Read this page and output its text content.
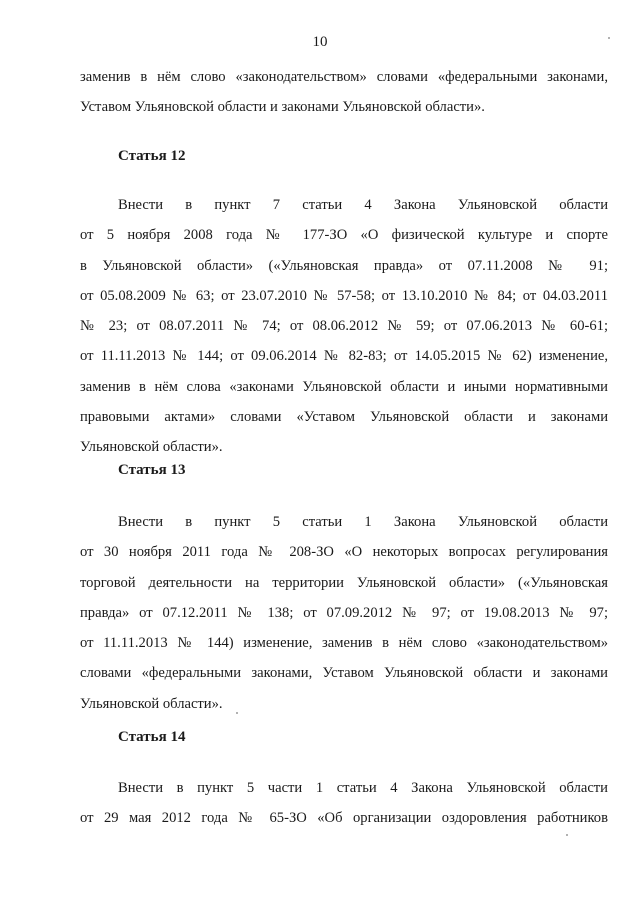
10
заменив в нём слово «законодательством» словами «федеральными законами,
Уставом Ульяновской области и законами Ульяновской области».
Статья 12
Внести в пункт 7 статьи 4 Закона Ульяновской области
от 5 ноября 2008 года № 177-ЗО «О физической культуре и спорте
в Ульяновской области» («Ульяновская правда» от 07.11.2008 № 91;
от 05.08.2009 № 63; от 23.07.2010 № 57-58; от 13.10.2010 № 84; от 04.03.2011
№ 23; от 08.07.2011 № 74; от 08.06.2012 № 59; от 07.06.2013 № 60-61;
от 11.11.2013 № 144; от 09.06.2014 № 82-83; от 14.05.2015 № 62) изменение,
заменив в нём слова «законами Ульяновской области и иными нормативными
правовыми актами» словами «Уставом Ульяновской области и законами
Ульяновской области».
Статья 13
Внести в пункт 5 статьи 1 Закона Ульяновской области
от 30 ноября 2011 года № 208-ЗО «О некоторых вопросах регулирования
торговой деятельности на территории Ульяновской области» («Ульяновская
правда» от 07.12.2011 № 138; от 07.09.2012 № 97; от 19.08.2013 № 97;
от 11.11.2013 № 144) изменение, заменив в нём слово «законодательством»
словами «федеральными законами, Уставом Ульяновской области и законами
Ульяновской области».
Статья 14
Внести в пункт 5 части 1 статьи 4 Закона Ульяновской области
от 29 мая 2012 года № 65-ЗО «Об организации оздоровления работников
